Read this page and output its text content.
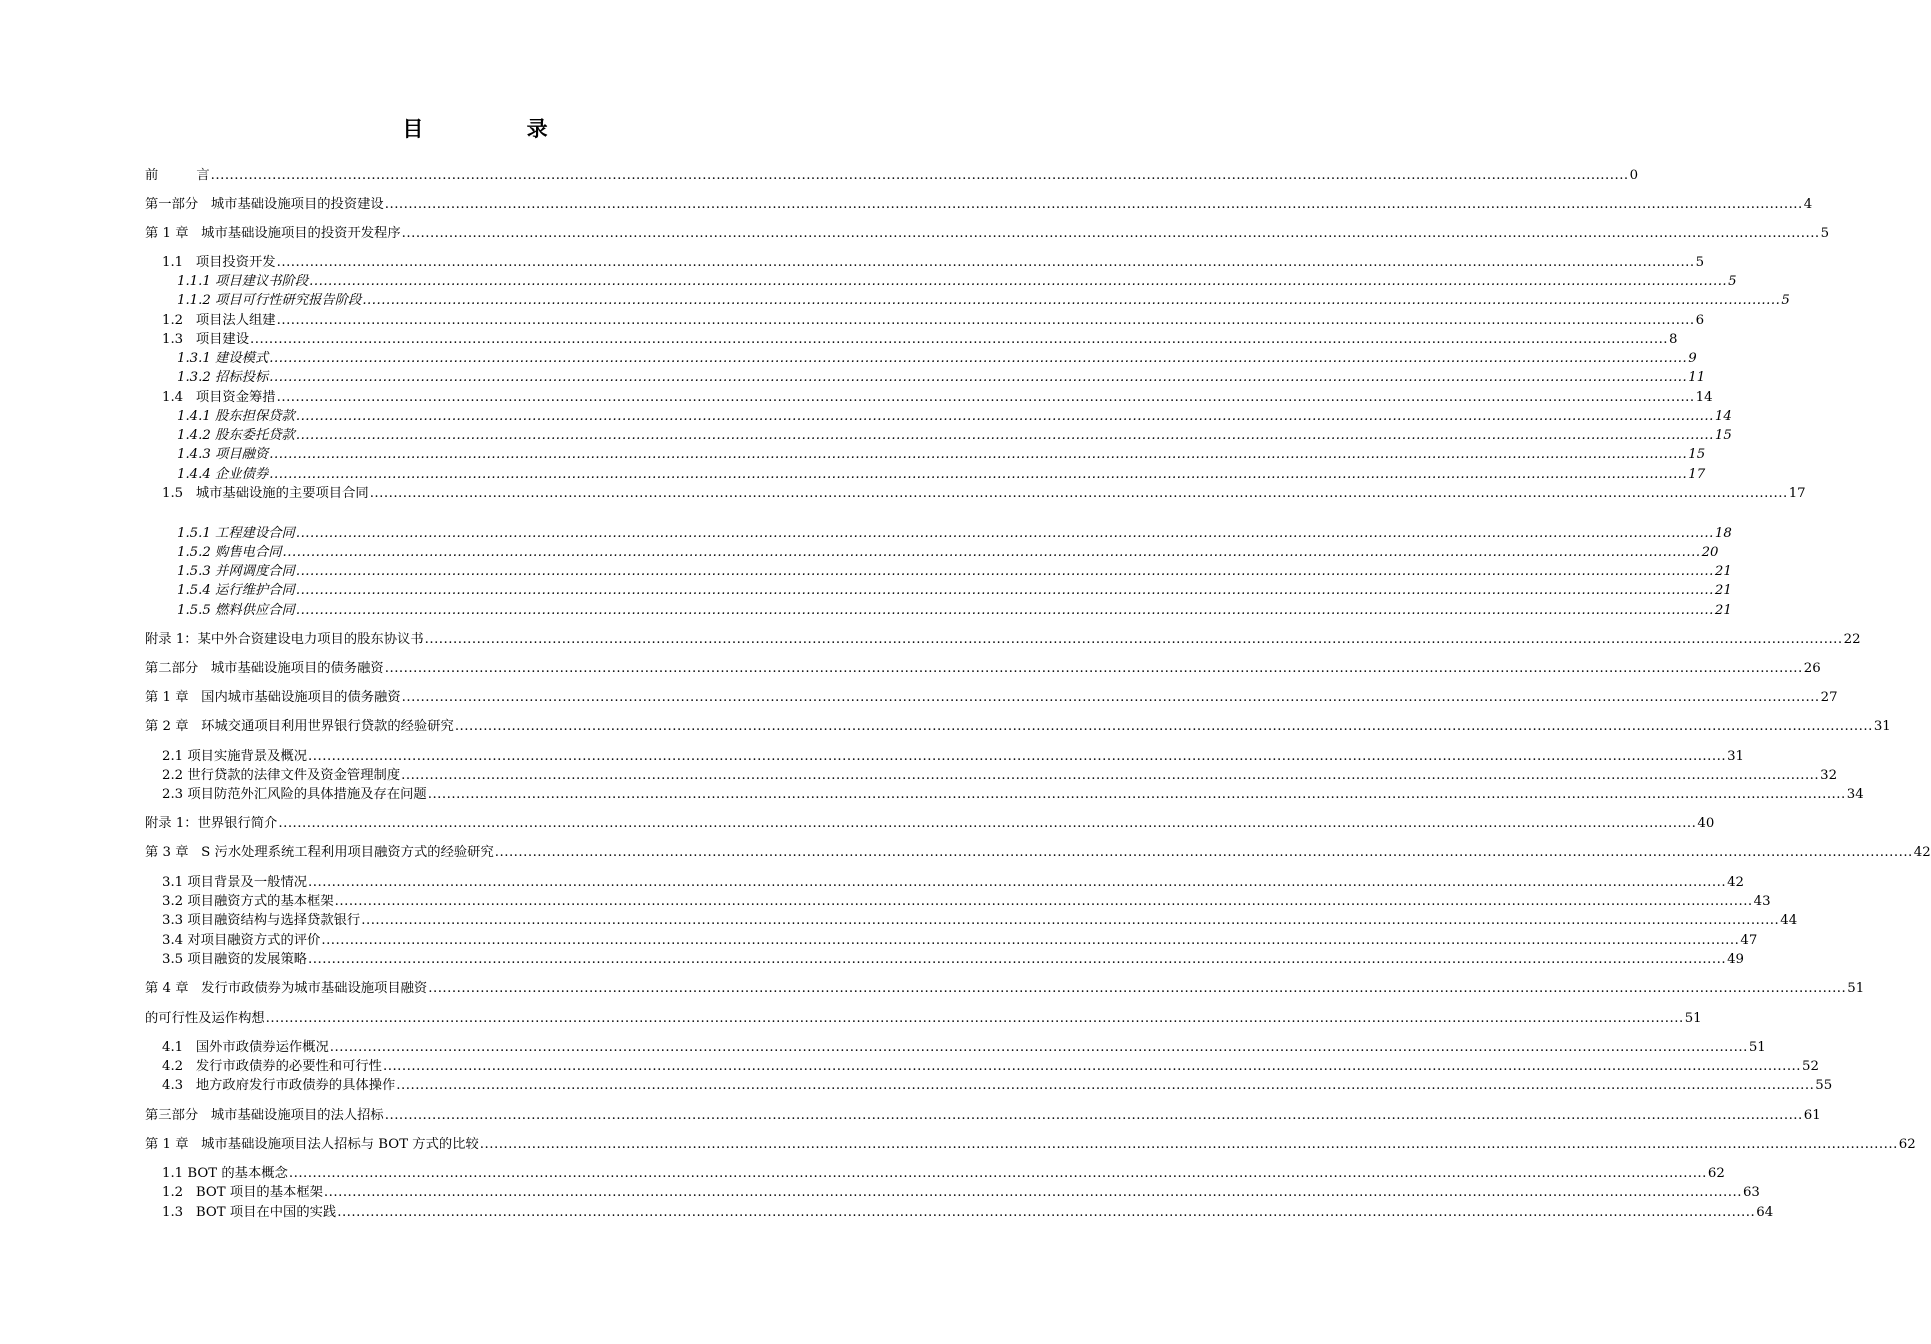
目 录
前         言 ............................................................................................................................................................................................................................................................................................................ 0
第一部分   城市基础设施项目的投资建设 ............................................................................................................................................................................................................................................................................................................ 4
第 1 章   城市基础设施项目的投资开发程序 ............................................................................................................................................................................................................................................................................................................ 5
1.1   项目投资开发 ............................................................................................................................................................................................................................................................................................................ 5
1.1.1 项目建议书阶段 ............................................................................................................................................................................................................................................................................................................ 5
1.1.2 项目可行性研究报告阶段 ............................................................................................................................................................................................................................................................................................................ 5
1.2   项目法人组建 ............................................................................................................................................................................................................................................................................................................ 6
1.3   项目建设 ............................................................................................................................................................................................................................................................................................................ 8
1.3.1 建设模式 ............................................................................................................................................................................................................................................................................................................ 9
1.3.2 招标投标 ............................................................................................................................................................................................................................................................................................................ 11
1.4   项目资金筹措 ............................................................................................................................................................................................................................................................................................................ 14
1.4.1 股东担保贷款 ............................................................................................................................................................................................................................................................................................................ 14
1.4.2 股东委托贷款 ............................................................................................................................................................................................................................................................................................................ 15
1.4.3 项目融资 ............................................................................................................................................................................................................................................................................................................ 15
1.4.4 企业债券 ............................................................................................................................................................................................................................................................................................................ 17
1.5   城市基础设施的主要项目合同 ............................................................................................................................................................................................................................................................................................................ 17
1.5.1 工程建设合同 ............................................................................................................................................................................................................................................................................................................ 18
1.5.2 购售电合同 ............................................................................................................................................................................................................................................................................................................ 20
1.5.3 并网调度合同 ............................................................................................................................................................................................................................................................................................................ 21
1.5.4 运行维护合同 ............................................................................................................................................................................................................................................................................................................ 21
1.5.5 燃料供应合同 ............................................................................................................................................................................................................................................................................................................ 21
附录 1：某中外合资建设电力项目的股东协议书 ............................................................................................................................................................................................................................................................................................................ 22
第二部分   城市基础设施项目的债务融资 ............................................................................................................................................................................................................................................................................................................ 26
第 1 章   国内城市基础设施项目的债务融资 ............................................................................................................................................................................................................................................................................................................ 27
第 2 章   环城交通项目利用世界银行贷款的经验研究 ............................................................................................................................................................................................................................................................................................................ 31
2.1 项目实施背景及概况 ............................................................................................................................................................................................................................................................................................................ 31
2.2 世行贷款的法律文件及资金管理制度 ............................................................................................................................................................................................................................................................................................................ 32
2.3 项目防范外汇风险的具体措施及存在问题 ............................................................................................................................................................................................................................................................................................................ 34
附录 1：世界银行简介 ............................................................................................................................................................................................................................................................................................................ 40
第 3 章   S 污水处理系统工程利用项目融资方式的经验研究 ............................................................................................................................................................................................................................................................................................................ 42
3.1 项目背景及一般情况 ............................................................................................................................................................................................................................................................................................................ 42
3.2 项目融资方式的基本框架 ............................................................................................................................................................................................................................................................................................................ 43
3.3 项目融资结构与选择贷款银行 ............................................................................................................................................................................................................................................................................................................ 44
3.4 对项目融资方式的评价 ............................................................................................................................................................................................................................................................................................................ 47
3.5 项目融资的发展策略 ............................................................................................................................................................................................................................................................................................................ 49
第 4 章   发行市政债券为城市基础设施项目融资 ............................................................................................................................................................................................................................................................................................................ 51
的可行性及运作构想 ............................................................................................................................................................................................................................................................................................................ 51
4.1   国外市政债券运作概况 ............................................................................................................................................................................................................................................................................................................ 51
4.2   发行市政债券的必要性和可行性 ............................................................................................................................................................................................................................................................................................................ 52
4.3   地方政府发行市政债券的具体操作 ............................................................................................................................................................................................................................................................................................................ 55
第三部分   城市基础设施项目的法人招标 ............................................................................................................................................................................................................................................................................................................ 61
第 1 章   城市基础设施项目法人招标与 BOT 方式的比较 ............................................................................................................................................................................................................................................................................................................ 62
1.1 BOT 的基本概念 ............................................................................................................................................................................................................................................................................................................ 62
1.2   BOT 项目的基本框架 ............................................................................................................................................................................................................................................................................................................ 63
1.3   BOT 项目在中国的实践 ............................................................................................................................................................................................................................................................................................................ 64
